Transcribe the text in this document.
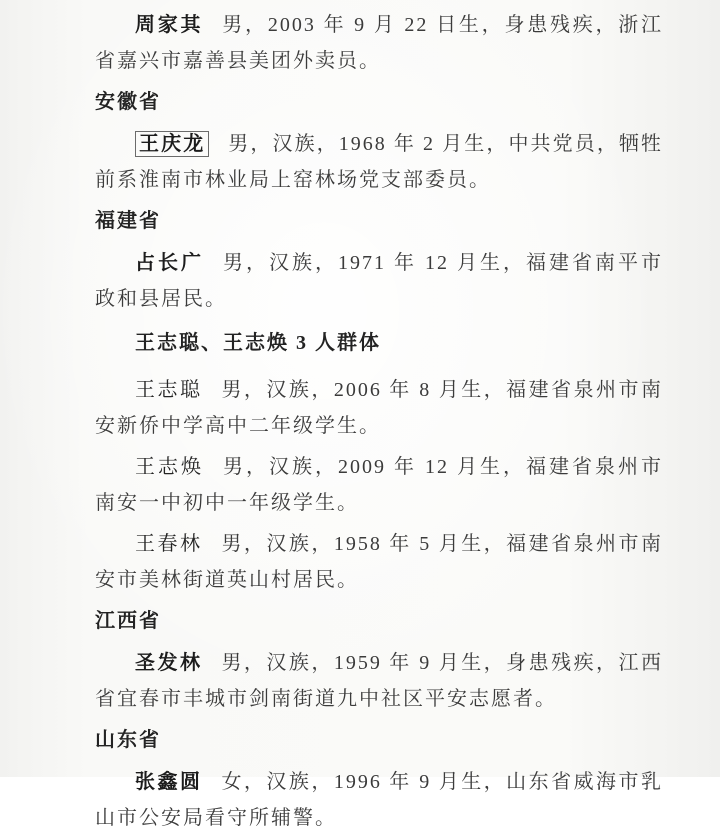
周家其 男，2003 年 9 月 22 日生，身患残疾，浙江省嘉兴市嘉善县美团外卖员。

安徽省

王庆龙 男，汉族，1968 年 2 月生，中共党员，牺牲前系淮南市林业局上窑林场党支部委员。

福建省

占长广 男，汉族，1971 年 12 月生，福建省南平市政和县居民。

王志聪、王志焕 3 人群体

王志聪 男，汉族，2006 年 8 月生，福建省泉州市南安新侨中学高中二年级学生。

王志焕 男，汉族，2009 年 12 月生，福建省泉州市南安一中初中一年级学生。

王春林 男，汉族，1958 年 5 月生，福建省泉州市南安市美林街道英山村居民。

江西省

圣发林 男，汉族，1959 年 9 月生，身患残疾，江西省宜春市丰城市剑南街道九中社区平安志愿者。

山东省

张鑫圆 女，汉族，1996 年 9 月生，山东省威海市乳山市公安局看守所辅警。
